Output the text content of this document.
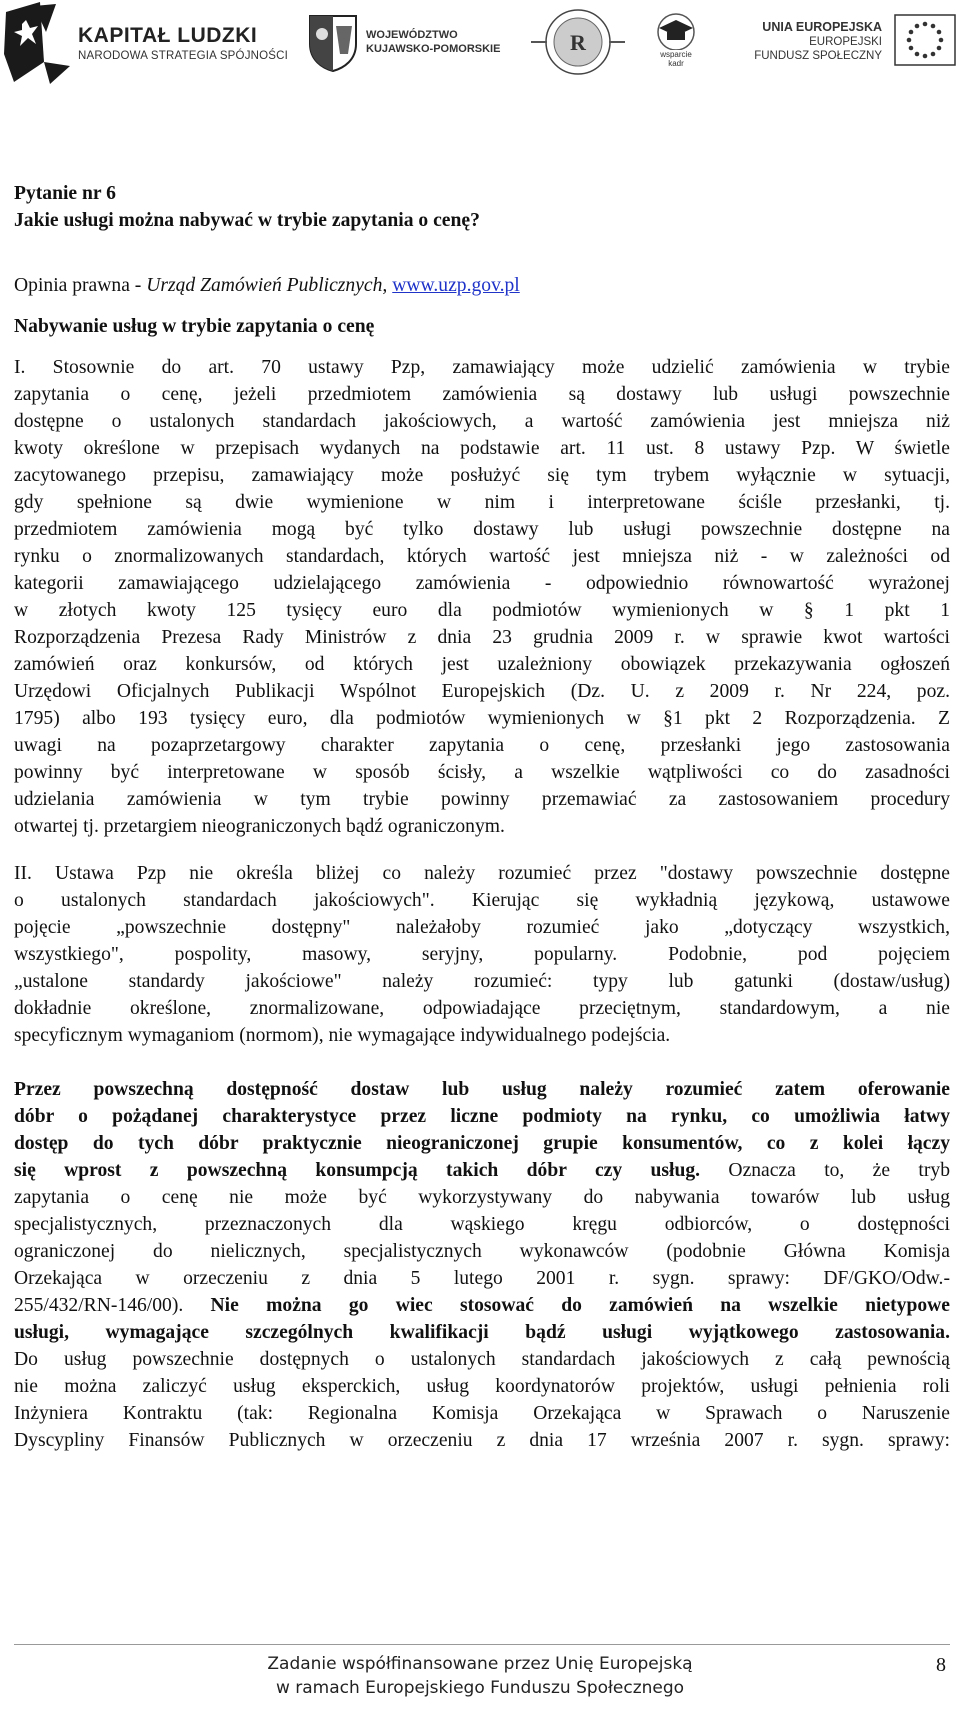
KAPITAŁ LUDZKI
NARODOWA STRATEGIA SPÓJNOŚCI
WOJEWÓDZTWO
KUJAWSKO-POMORSKIE	R	wsparcie
kadr
UNIA EUROPEJSKA
EUROPEJSKI
FUNDUSZ SPOŁECZNY
Pytanie nr 6
Jakie usługi można nabywać w trybie zapytania o cenę?
Opinia prawna - Urząd Zamówień Publicznych, www.uzp.gov.pl
Nabywanie usług w trybie zapytania o cenę
I. Stosownie do art. 70 ustawy Pzp, zamawiający może udzielić zamówienia w trybie
zapytania o cenę, jeżeli przedmiotem zamówienia są dostawy lub usługi powszechnie
dostępne o ustalonych standardach jakościowych, a wartość zamówienia jest mniejsza niż
kwoty określone w przepisach wydanych na podstawie art. 11 ust. 8 ustawy Pzp. W świetle
zacytowanego przepisu, zamawiający może posłużyć się tym trybem wyłącznie w sytuacji,
gdy spełnione są dwie wymienione w nim i interpretowane ściśle przesłanki, tj.
przedmiotem zamówienia mogą być tylko dostawy lub usługi powszechnie dostępne na
rynku o znormalizowanych standardach, których wartość jest mniejsza niż - w zależności od
kategorii zamawiającego udzielającego zamówienia - odpowiednio równowartość wyrażonej
w złotych kwoty 125 tysięcy euro dla podmiotów wymienionych w § 1 pkt 1
Rozporządzenia Prezesa Rady Ministrów z dnia 23 grudnia 2009 r. w sprawie kwot wartości
zamówień oraz konkursów, od których jest uzależniony obowiązek przekazywania ogłoszeń
Urzędowi Oficjalnych Publikacji Wspólnot Europejskich (Dz. U. z 2009 r. Nr 224, poz.
1795) albo 193 tysięcy euro, dla podmiotów wymienionych w §1 pkt 2 Rozporządzenia. Z
uwagi na pozaprzetargowy charakter zapytania o cenę, przesłanki jego zastosowania
powinny być interpretowane w sposób ścisły, a wszelkie wątpliwości co do zasadności
udzielania zamówienia w tym trybie powinny przemawiać za zastosowaniem procedury
otwartej tj. przetargiem nieograniczonych bądź ograniczonym.
II. Ustawa Pzp nie określa bliżej co należy rozumieć przez "dostawy powszechnie dostępne
o ustalonych standardach jakościowych". Kierując się wykładnią językową, ustawowe
pojęcie „powszechnie dostępny" należałoby rozumieć jako „dotyczący wszystkich,
wszystkiego", pospolity, masowy, seryjny, popularny. Podobnie, pod pojęciem
„ustalone standardy jakościowe" należy rozumieć: typy lub gatunki (dostaw/usług)
dokładnie określone, znormalizowane, odpowiadające przeciętnym, standardowym, a nie
specyficznym wymaganiom (normom), nie wymagające indywidualnego podejścia.
Przez powszechną dostępność dostaw lub usług należy rozumieć zatem oferowanie
dóbr o pożądanej charakterystyce przez liczne podmioty na rynku, co umożliwia łatwy
dostęp do tych dóbr praktycznie nieograniczonej grupie konsumentów, co z kolei łączy
się wprost z powszechną konsumpcją takich dóbr czy usług. Oznacza to, że tryb
zapytania o cenę nie może być wykorzystywany do nabywania towarów lub usług
specjalistycznych, przeznaczonych dla wąskiego kręgu odbiorców, o dostępności
ograniczonej do nielicznych, specjalistycznych wykonawców (podobnie Główna Komisja
Orzekająca w orzeczeniu z dnia 5 lutego 2001 r. sygn. sprawy: DF/GKO/Odw.-
255/432/RN-146/00). Nie można go wiec stosować do zamówień na wszelkie nietypowe
usługi, wymagające szczególnych kwalifikacji bądź usługi wyjątkowego zastosowania.
Do usług powszechnie dostępnych o ustalonych standardach jakościowych z całą pewnością
nie można zaliczyć usług eksperckich, usług koordynatorów projektów, usługi pełnienia roli
Inżyniera Kontraktu (tak: Regionalna Komisja Orzekająca w Sprawach o Naruszenie
Dyscypliny Finansów Publicznych w orzeczeniu z dnia 17 września 2007 r. sygn. sprawy:
Zadanie współfinansowane przez Unię Europejską
w ramach Europejskiego Funduszu Społecznego
8
